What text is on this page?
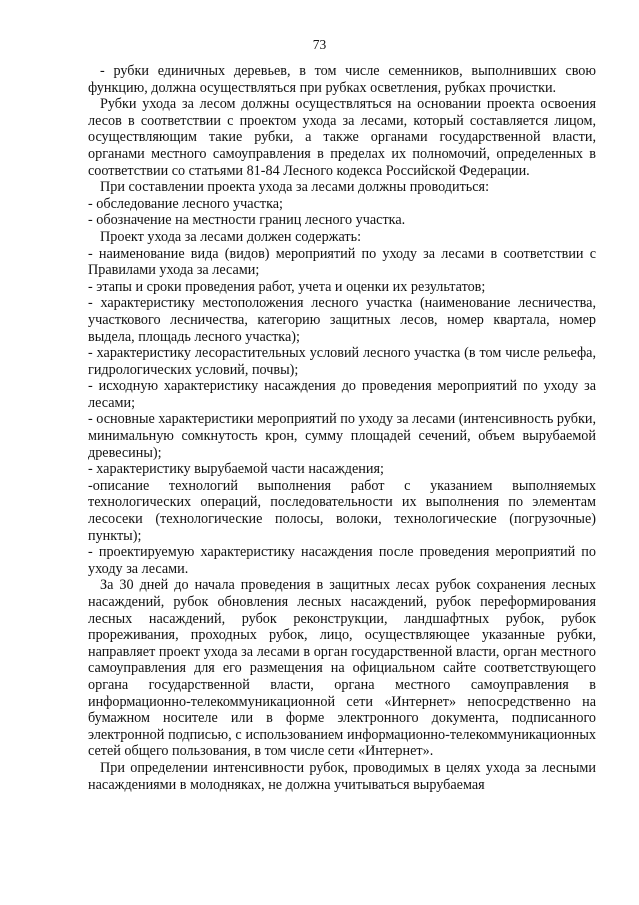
73

- рубки единичных деревьев, в том числе семенников, выполнивших свою функцию, должна осуществляться при рубках осветления, рубках прочистки.

Рубки ухода за лесом должны осуществляться на основании проекта освоения лесов в соответствии с проектом ухода за лесами, который составляется лицом, осуществляющим такие рубки, а также органами государственной власти, органами местного самоуправления в пределах их полномочий, определенных в соответствии со статьями 81-84 Лесного кодекса Российской Федерации.

При составлении проекта ухода за лесами должны проводиться:

- обследование лесного участка;

- обозначение на местности границ лесного участка.

Проект ухода за лесами должен содержать:

- наименование вида (видов) мероприятий по уходу за лесами в соответствии с Правилами ухода за лесами;

- этапы и сроки проведения работ, учета и оценки их результатов;

- характеристику местоположения лесного участка (наименование лесничества, участкового лесничества, категорию защитных лесов, номер квартала, номер выдела, площадь лесного участка);

- характеристику лесорастительных условий лесного участка (в том числе рельефа, гидрологических условий, почвы);

- исходную характеристику насаждения до проведения мероприятий по уходу за лесами;

- основные характеристики мероприятий по уходу за лесами (интенсивность рубки, минимальную сомкнутость крон, сумму площадей сечений, объем вырубаемой древесины);

- характеристику вырубаемой части насаждения;

-описание технологий выполнения работ с указанием выполняемых технологических операций, последовательности их выполнения по элементам лесосеки (технологические полосы, волоки, технологические (погрузочные) пункты);

- проектируемую характеристику насаждения после проведения мероприятий по уходу за лесами.

За 30 дней до начала проведения в защитных лесах рубок сохранения лесных насаждений, рубок обновления лесных насаждений, рубок переформирования лесных насаждений, рубок реконструкции, ландшафтных рубок, рубок прореживания, проходных рубок, лицо, осуществляющее указанные рубки, направляет проект ухода за лесами в орган государственной власти, орган местного самоуправления для его размещения на официальном сайте соответствующего органа государственной власти, органа местного самоуправления в информационно-телекоммуникационной сети «Интернет» непосредственно на бумажном носителе или в форме электронного документа, подписанного электронной подписью, с использованием информационно-телекоммуникационных сетей общего пользования, в том числе сети «Интернет».

При определении интенсивности рубок, проводимых в целях ухода за лесными насаждениями в молодняках, не должна учитываться вырубаемая
